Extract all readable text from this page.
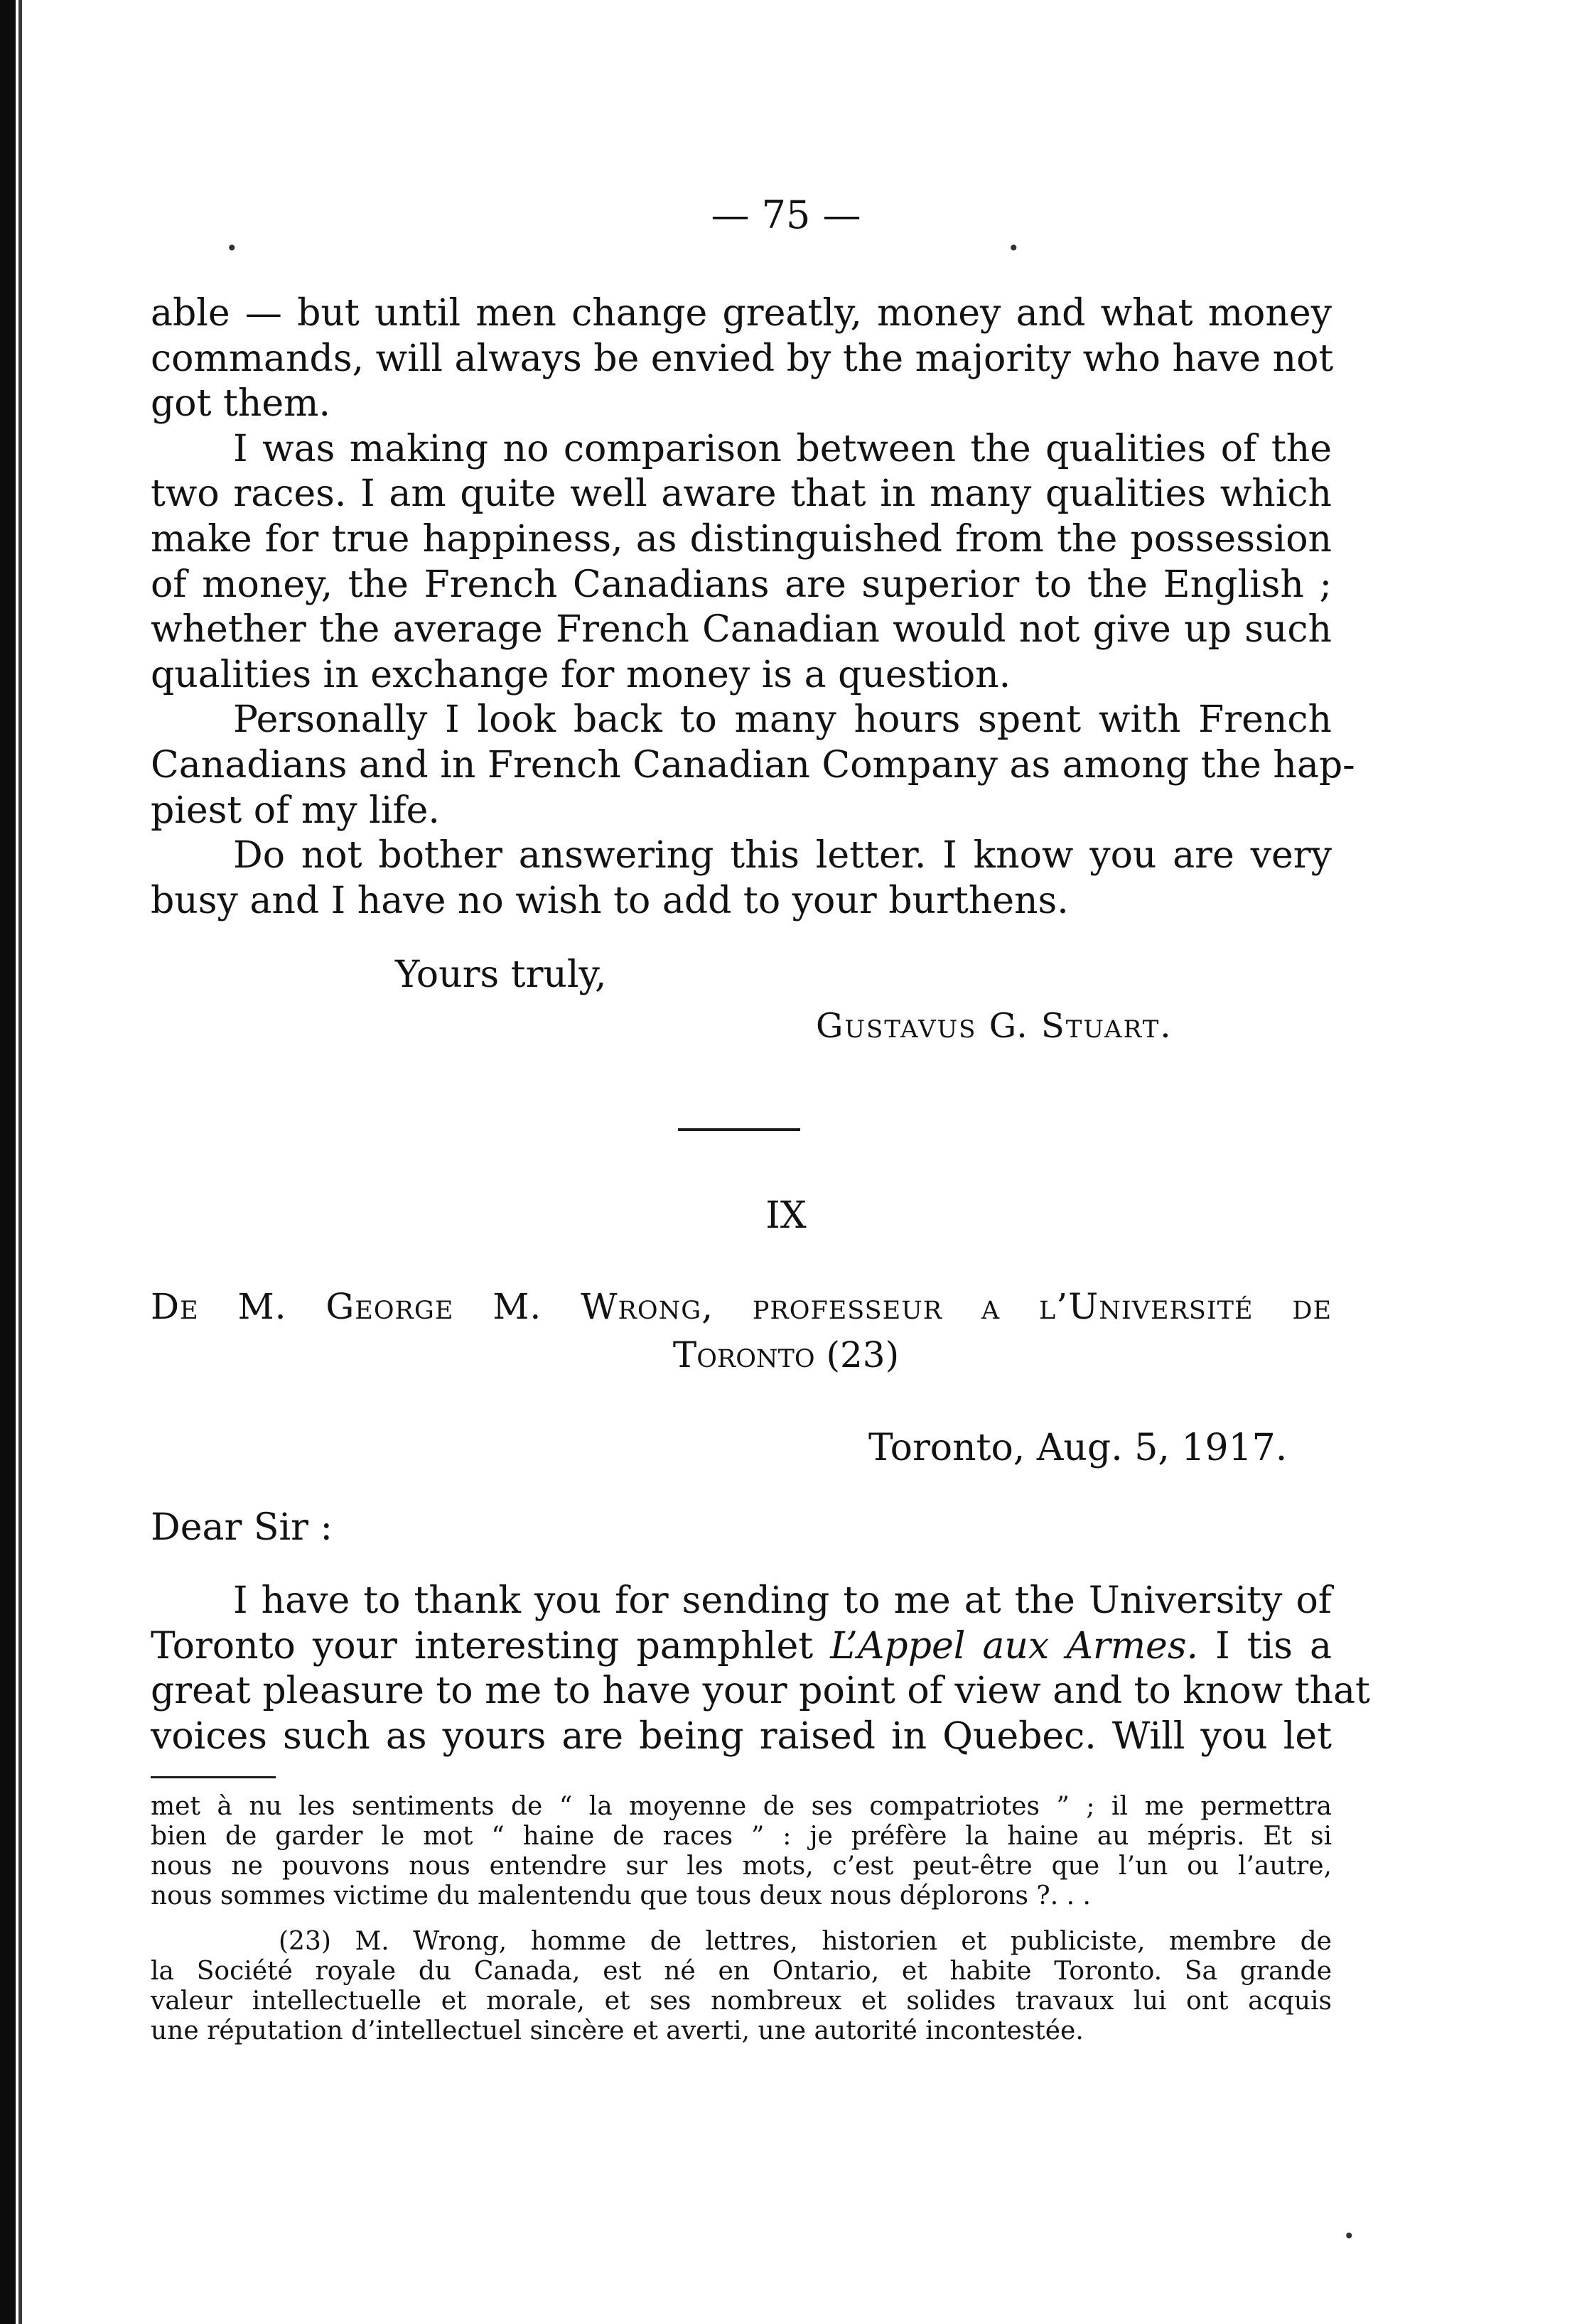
•	•
— 75 —
able — but until men change greatly, money and what money
commands, will always be envied by the majority who have not
got them.
I was making no comparison between the qualities of the
two races. I am quite well aware that in many qualities which
make for true happiness, as distinguished from the possession
of money, the French Canadians are superior to the English ;
whether the average French Canadian would not give up such
qualities in exchange for money is a question.
Personally I look back to many hours spent with French
Canadians and in French Canadian Company as among the hap-
piest of my life.
Do not bother answering this letter. I know you are very
busy and I have no wish to add to your burthens.
Yours truly,
Gustavus G. Stuart.
IX
De M. George M. Wrong, professeur a l’Université de
Toronto (23)
Toronto, Aug. 5, 1917.
Dear Sir :
I have to thank you for sending to me at the University of
Toronto your interesting pamphlet L’Appel aux Armes. I tis a
great pleasure to me to have your point of view and to know that
voices such as yours are being raised in Quebec. Will you let
met à nu les sentiments de “ la moyenne de ses compatriotes ” ; il me permettra
bien de garder le mot “ haine de races ” : je préfère la haine au mépris. Et si
nous ne pouvons nous entendre sur les mots, c’est peut-être que l’un ou l’autre,
nous sommes victime du malentendu que tous deux nous déplorons ?. . .
(23) M. Wrong, homme de lettres, historien et publiciste, membre de
la Société royale du Canada, est né en Ontario, et habite Toronto. Sa grande
valeur intellectuelle et morale, et ses nombreux et solides travaux lui ont acquis
une réputation d’intellectuel sincère et averti, une autorité incontestée.
•
